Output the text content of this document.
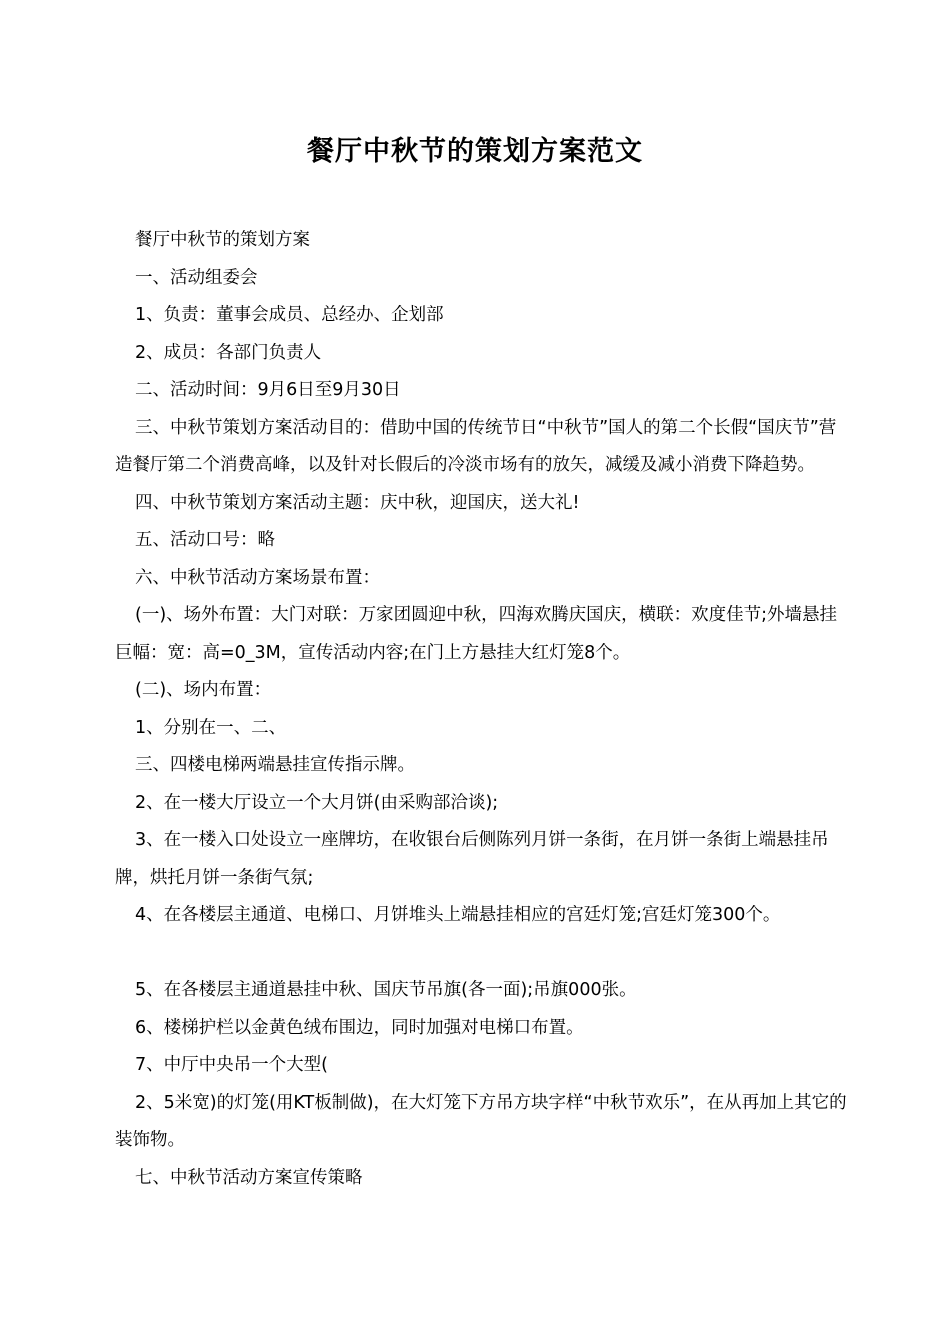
餐厅中秋节的策划方案范文

餐厅中秋节的策划方案

一、活动组委会

1、负责：董事会成员、总经办、企划部

2、成员：各部门负责人

二、活动时间：9月6日至9月30日

三、中秋节策划方案活动目的：借助中国的传统节日“中秋节”国人的第二个长假“国庆节”营造餐厅第二个消费高峰，以及针对长假后的冷淡市场有的放矢，减缓及减小消费下降趋势。

四、中秋节策划方案活动主题：庆中秋，迎国庆，送大礼!

五、活动口号：略

六、中秋节活动方案场景布置：

(一)、场外布置：大门对联：万家团圆迎中秋，四海欢腾庆国庆，横联：欢度佳节;外墙悬挂巨幅：宽：高=0_3M，宣传活动内容;在门上方悬挂大红灯笼8个。

(二)、场内布置：

1、分别在一、二、

三、四楼电梯两端悬挂宣传指示牌。

2、在一楼大厅设立一个大月饼(由采购部洽谈);

3、在一楼入口处设立一座牌坊，在收银台后侧陈列月饼一条街，在月饼一条街上端悬挂吊牌，烘托月饼一条街气氛;

4、在各楼层主通道、电梯口、月饼堆头上端悬挂相应的宫廷灯笼;宫廷灯笼300个。

5、在各楼层主通道悬挂中秋、国庆节吊旗(各一面);吊旗000张。

6、楼梯护栏以金黄色绒布围边，同时加强对电梯口布置。

7、中厅中央吊一个大型(

2、5米宽)的灯笼(用KT板制做)，在大灯笼下方吊方块字样“中秋节欢乐”，在从再加上其它的装饰物。

七、中秋节活动方案宣传策略
